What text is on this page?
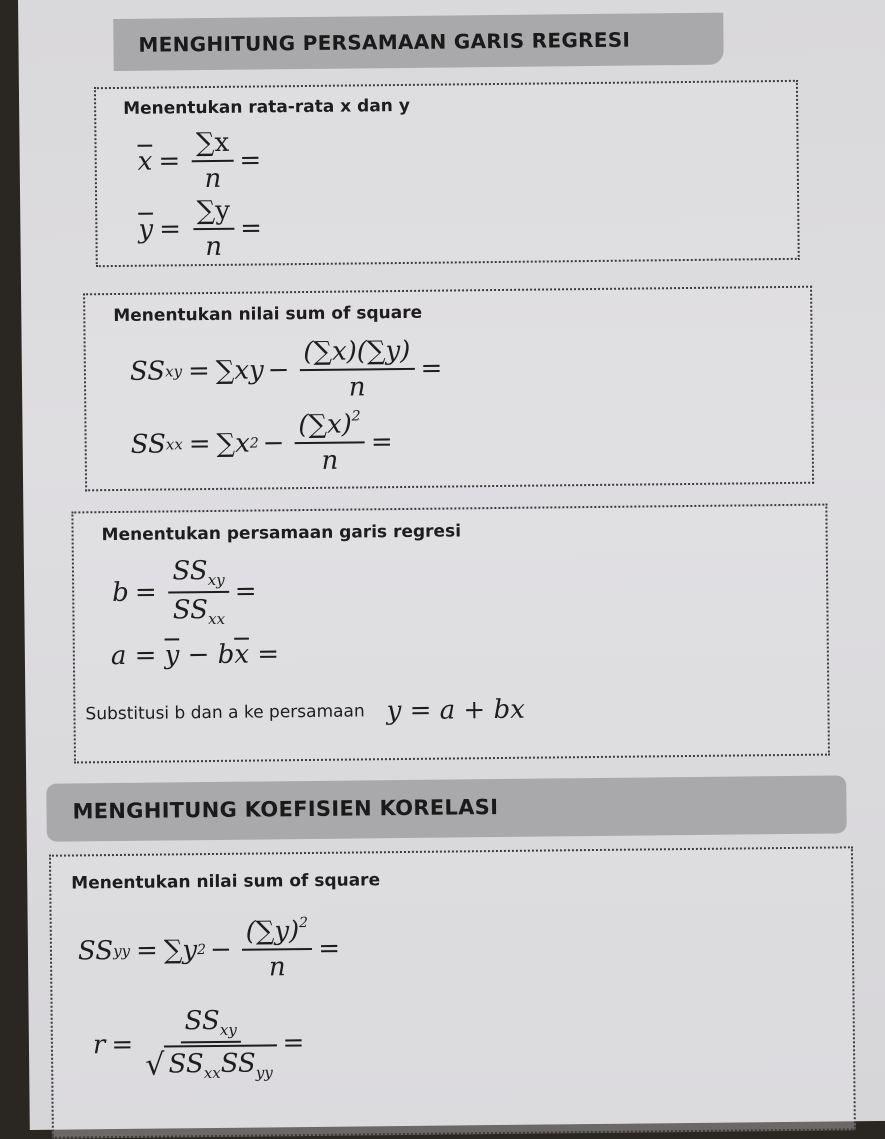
MENGHITUNG PERSAMAAN GARIS REGRESI
Menentukan rata-rata x dan y
$\overline{x} = \frac{\sum x}{n}$ =
$\overline{y} = \frac{\sum y}{n}$ =
Menentukan nilai sum of square
SS xy = $\sum xy - \frac{(\sum x)(\sum y)}{n}$ =
SS xx = ∑x $2 - \frac{(\sum x)^2}{n}$ =
Menentukan persamaan garis regresi
$b = \frac{SS_{xy}}{SS_{xx}}$ =
$a = \overline{y} - b$ $\overline{x}$ =
Substitusi b dan a ke persamaan y = a + bx
MENGHITUNG KOEFISIEN KORELASI
Menentukan nilai sum of square
SS yy = ∑y $2 - \frac{(\sum y)^2}{n}$ =
$r = \frac{SS_{xy}}{√ SS_{xx}SS_{yy}}$ =
